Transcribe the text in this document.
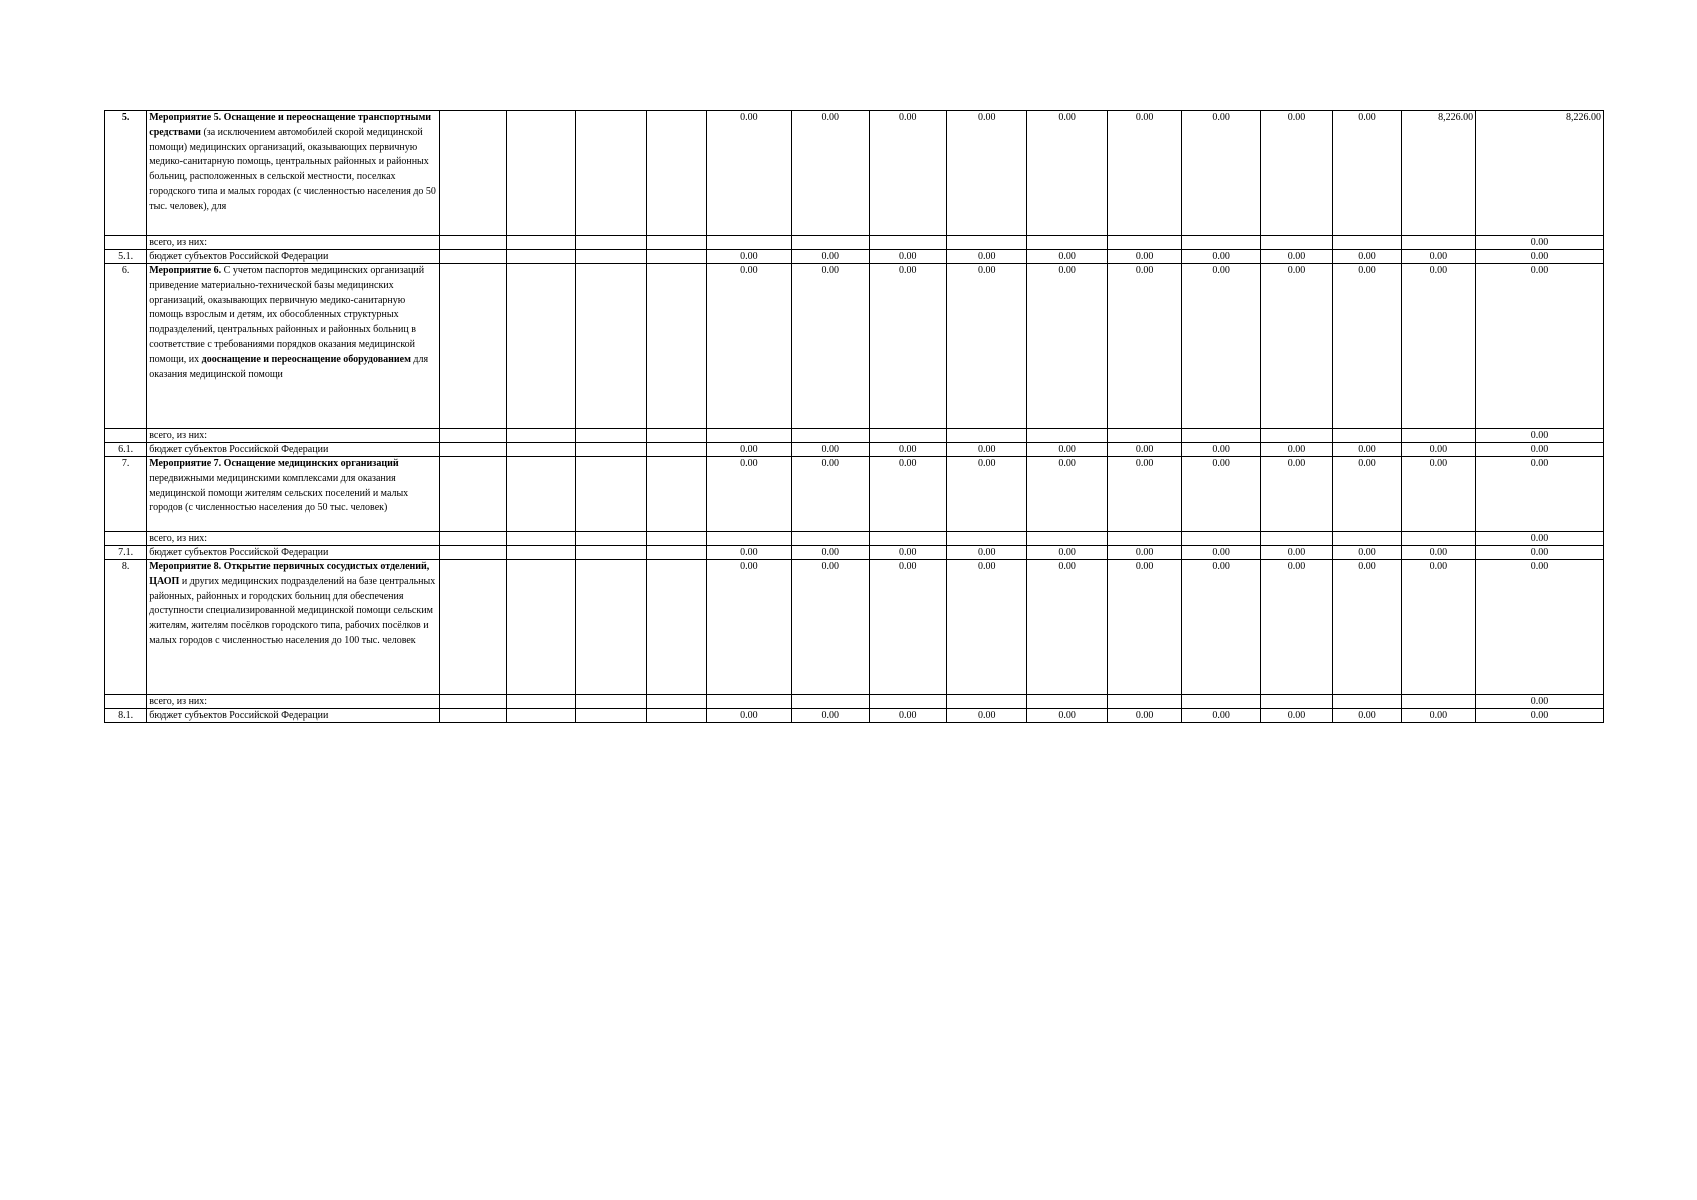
5.	Мероприятие 5. Оснащение и переоснащение транспортными средствами (за исключением автомобилей скорой медицинской помощи) медицинских организаций, оказывающих первичную медико-санитарную помощь, центральных районных и районных больниц, расположенных в сельской местности, поселках городского типа и малых городах (с численностью населения до 50 тыс. человек), для					0.00	0.00	0.00	0.00	0.00	0.00	0.00	0.00	0.00	8,226.00	8,226.00
	всего, из них:															0.00
5.1.	бюджет субъектов Российской Федерации					0.00	0.00	0.00	0.00	0.00	0.00	0.00	0.00	0.00	0.00	0.00
6.	Мероприятие 6. С учетом паспортов медицинских организаций приведение материально-технической базы медицинских организаций, оказывающих первичную медико-санитарную помощь взрослым и детям, их обособленных структурных подразделений, центральных районных и районных больниц в соответствие с требованиями порядков оказания медицинской помощи, их дооснащение и переоснащение оборудованием для оказания медицинской помощи					0.00	0.00	0.00	0.00	0.00	0.00	0.00	0.00	0.00	0.00	0.00
	всего, из них:															0.00
6.1.	бюджет субъектов Российской Федерации					0.00	0.00	0.00	0.00	0.00	0.00	0.00	0.00	0.00	0.00	0.00
7.	Мероприятие 7. Оснащение медицинских организаций передвижными медицинскими комплексами для оказания медицинской помощи жителям сельских поселений и малых городов (с численностью населения до 50 тыс. человек)					0.00	0.00	0.00	0.00	0.00	0.00	0.00	0.00	0.00	0.00	0.00
	всего, из них:															0.00
7.1.	бюджет субъектов Российской Федерации					0.00	0.00	0.00	0.00	0.00	0.00	0.00	0.00	0.00	0.00	0.00
8.	Мероприятие 8. Открытие первичных сосудистых отделений, ЦАОП и других медицинских подразделений на базе центральных районных, районных и городских больниц для обеспечения доступности специализированной медицинской помощи сельским жителям, жителям посёлков городского типа, рабочих посёлков и малых городов с численностью населения до 100 тыс. человек					0.00	0.00	0.00	0.00	0.00	0.00	0.00	0.00	0.00	0.00	0.00
	всего, из них:															0.00
8.1.	бюджет субъектов Российской Федерации					0.00	0.00	0.00	0.00	0.00	0.00	0.00	0.00	0.00	0.00	0.00
